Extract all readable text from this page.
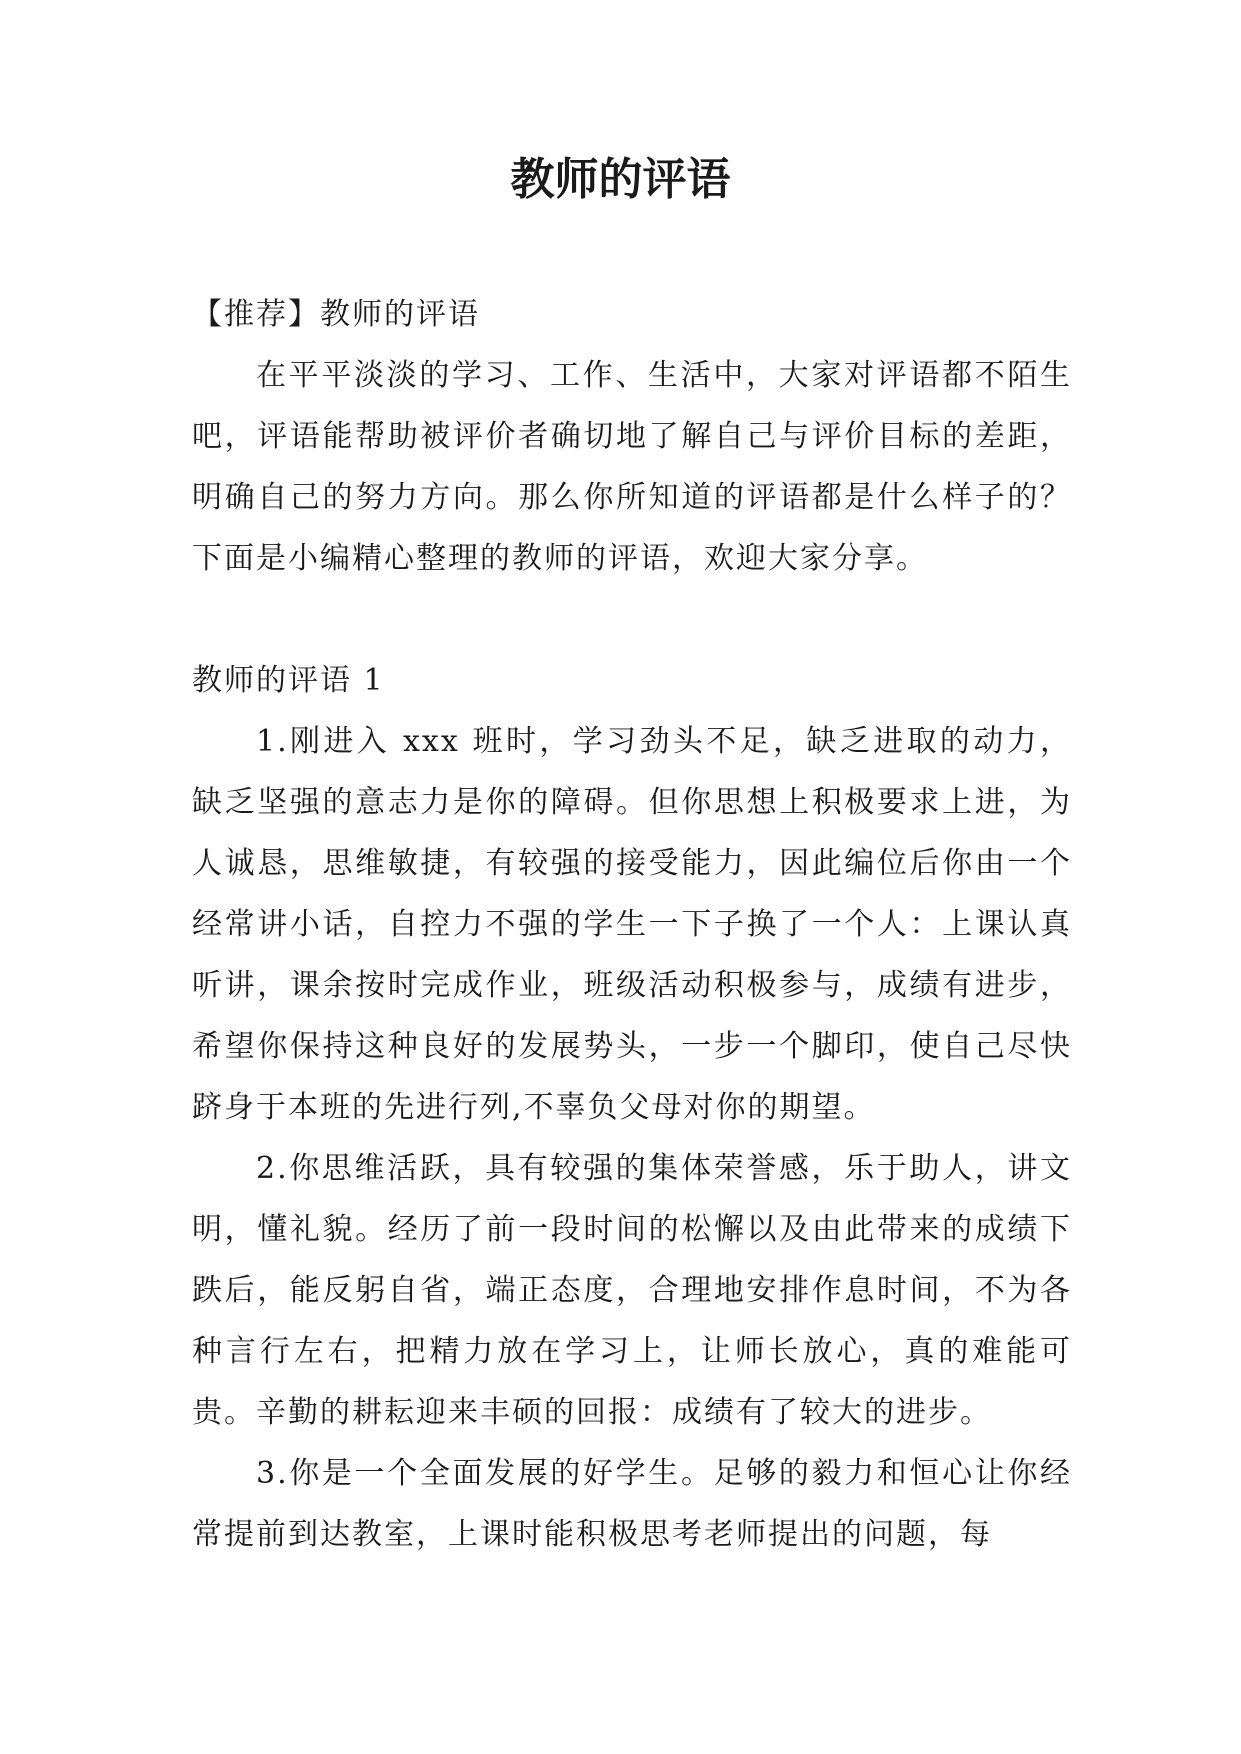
教师的评语

【推荐】教师的评语

在平平淡淡的学习、工作、生活中，大家对评语都不陌生吧，评语能帮助被评价者确切地了解自己与评价目标的差距，明确自己的努力方向。那么你所知道的评语都是什么样子的？下面是小编精心整理的教师的评语，欢迎大家分享。

教师的评语 1

1.刚进入 xxx 班时，学习劲头不足，缺乏进取的动力，缺乏坚强的意志力是你的障碍。但你思想上积极要求上进，为人诚恳，思维敏捷，有较强的接受能力，因此编位后你由一个经常讲小话，自控力不强的学生一下子换了一个人：上课认真听讲，课余按时完成作业，班级活动积极参与，成绩有进步，希望你保持这种良好的发展势头，一步一个脚印，使自己尽快跻身于本班的先进行列,不辜负父母对你的期望。

2.你思维活跃，具有较强的集体荣誉感，乐于助人，讲文明，懂礼貌。经历了前一段时间的松懈以及由此带来的成绩下跌后，能反躬自省，端正态度，合理地安排作息时间，不为各种言行左右，把精力放在学习上，让师长放心，真的难能可贵。辛勤的耕耘迎来丰硕的回报：成绩有了较大的进步。

3.你是一个全面发展的好学生。足够的毅力和恒心让你经常提前到达教室，上课时能积极思考老师提出的问题，每
